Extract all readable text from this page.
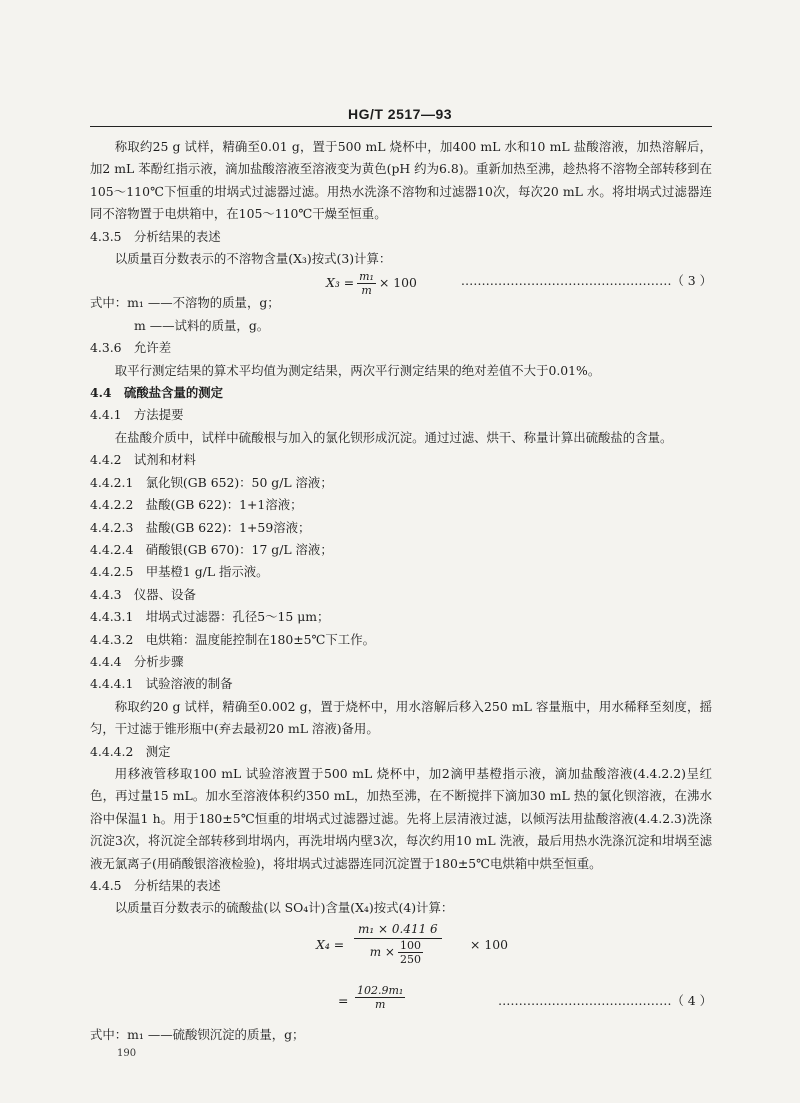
HG/T 2517—93

称取约25 g 试样，精确至0.01 g，置于500 mL 烧杯中，加400 mL 水和10 mL 盐酸溶液，加热溶解后，加2 mL 苯酚红指示液，滴加盐酸溶液至溶液变为黄色(pH 约为6.8)。重新加热至沸，趁热将不溶物全部转移到在105～110℃下恒重的坩埚式过滤器过滤。用热水洗涤不溶物和过滤器10次，每次20 mL 水。将坩埚式过滤器连同不溶物置于电烘箱中，在105～110℃干燥至恒重。

4.3.5　分析结果的表述

以质量百分数表示的不溶物含量(X₃)按式(3)计算：

$X_3 = \frac{\text{m₁}}{m} \times 100$	……………………………………………（ 3 ）

式中：m₁ ——不溶物的质量，g；

m ——试料的质量，g。

4.3.6　允许差

取平行测定结果的算术平均值为测定结果，两次平行测定结果的绝对差值不大于0.01%。

4.4　硫酸盐含量的测定

4.4.1　方法提要

在盐酸介质中，试样中硫酸根与加入的氯化钡形成沉淀。通过过滤、烘干、称量计算出硫酸盐的含量。

4.4.2　试剂和材料

4.4.2.1　氯化钡(GB 652)：50 g/L 溶液；

4.4.2.2　盐酸(GB 622)：1+1溶液；

4.4.2.3　盐酸(GB 622)：1+59溶液；

4.4.2.4　硝酸银(GB 670)：17 g/L 溶液；

4.4.2.5　甲基橙1 g/L 指示液。

4.4.3　仪器、设备

4.4.3.1　坩埚式过滤器：孔径5～15 μm；

4.4.3.2　电烘箱：温度能控制在180±5℃下工作。

4.4.4　分析步骤

4.4.4.1　试验溶液的制备

称取约20 g 试样，精确至0.002 g，置于烧杯中，用水溶解后移入250 mL 容量瓶中，用水稀释至刻度，摇匀，干过滤于锥形瓶中(弃去最初20 mL 溶液)备用。

4.4.4.2　测定

用移液管移取100 mL 试验溶液置于500 mL 烧杯中，加2滴甲基橙指示液，滴加盐酸溶液(4.4.2.2)呈红色，再过量15 mL。加水至溶液体积约350 mL，加热至沸，在不断搅拌下滴加30 mL 热的氯化钡溶液，在沸水浴中保温1 h。用于180±5℃恒重的坩埚式过滤器过滤。先将上层清液过滤，以倾泻法用盐酸溶液(4.4.2.3)洗涤沉淀3次，将沉淀全部转移到坩埚内，再洗坩埚内壁3次，每次约用10 mL 洗液，最后用热水洗涤沉淀和坩埚至滤液无氯离子(用硝酸银溶液检验)，将坩埚式过滤器连同沉淀置于180±5℃电烘箱中烘至恒重。

4.4.5　分析结果的表述

以质量百分数表示的硫酸盐(以 SO₄计)含量(X₄)按式(4)计算：

$X_4 = \frac{\text{m₁ × 0.411 6}}{m \times \frac{100}{250}} \times 100$
= $\frac{\text{102.9m₁}}{m}$	……………………………………（ 4 ）

式中：m₁ ——硫酸钡沉淀的质量，g；

190
